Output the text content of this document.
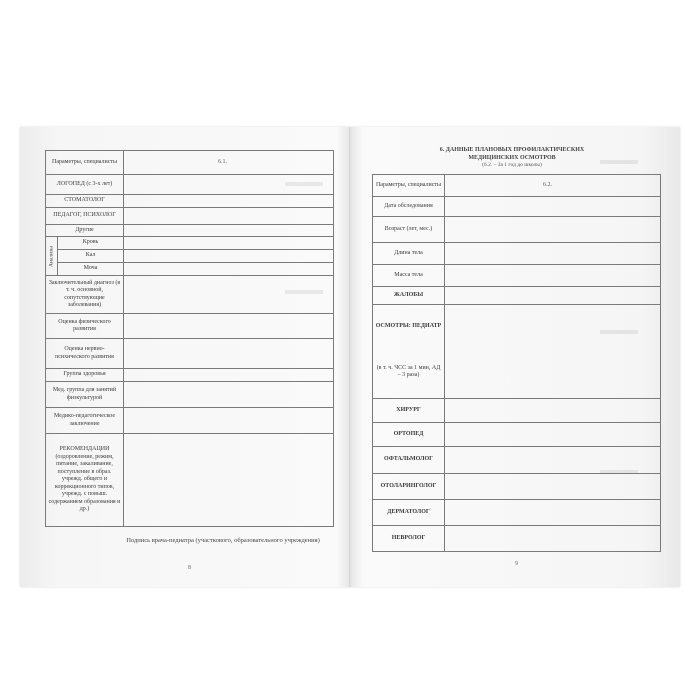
Параметры, специалисты		6.1.
ЛОГОПЕД (с 3-х лет)		
СТОМАТОЛОГ		
ПЕДАГОГ, ПСИХОЛОГ		
Другие		
Анализы	Кровь	
	Кал	
	Моча	
Заключительный диагноз (в т. ч. основной, сопутствующие заболевания)		
Оценка физического развития		
Оценка нервно-психического развития		
Группа здоровья		
Мед. группа для занятий физкультурой		
Медико-педагогическое заключение		
РЕКОМЕНДАЦИИ (оздоровление, режим, питание, закаливание, поступление в образ. учрежд. общего и коррекционного типов, учрежд. с повыш. содержанием образования и др.)		
Подпись врача-педиатра (участкового, образовательного учреждения)
8
6. ДАННЫЕ ПЛАНОВЫХ ПРОФИЛАКТИЧЕСКИХ
МЕДИЦИНСКИХ ОСМОТРОВ
(6.2. – За 1 год до школы)
Параметры, специалисты	6.2.
Дата обследования	
Возраст (лет, мес.)	
Длина тела	
Масса тела	
ЖАЛОБЫ	

ОСМОТРЫ: ПЕДИАТР
(в т. ч. ЧСС за 1 мин, АД – 3 раза)	

ХИРУРГ	
ОРТОПЕД	
ОФТАЛЬМОЛОГ	
ОТОЛАРИНГОЛОГ	
ДЕРМАТОЛОГ	
НЕВРОЛОГ	
9
